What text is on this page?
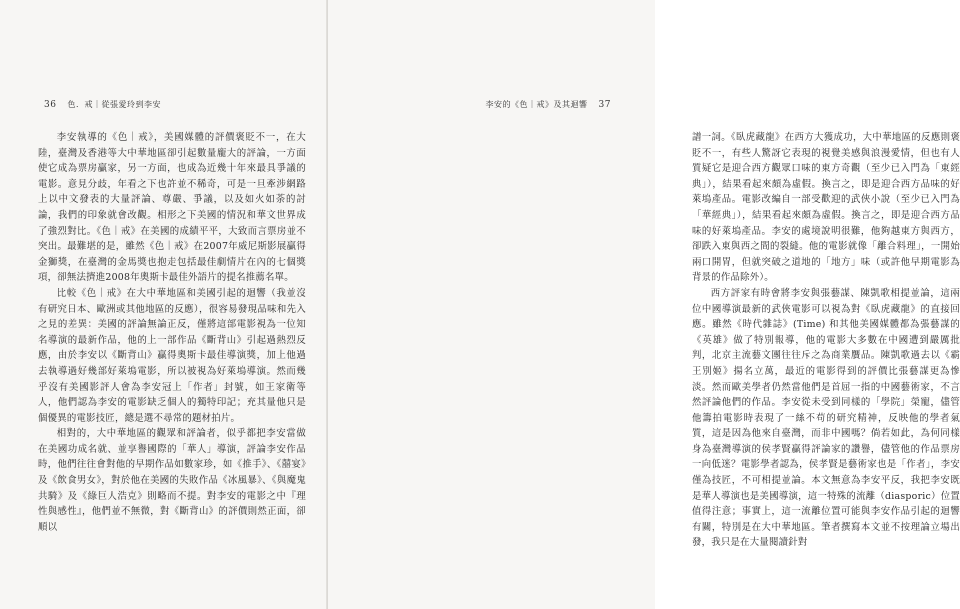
36 色．戒｜從張愛玲到李安

李安執導的《色｜戒》，美國媒體的評價褒貶不一，在大陸，臺灣及香港等大中華地區卻引起數量龐大的評論，一方面使它成為票房贏家，另一方面，也成為近幾十年來最具爭議的電影。意見分歧，年看之下也許並不稀奇，可是一旦牽涉網路上以中文發表的大量評論、尊嚴、爭議，以及如火如荼的討論，我們的印象就會改觀。相形之下美國的情況和華文世界成了強烈對比。《色｜戒》在美國的成績平平，大致而言票房並不突出。最難堪的是，雖然《色｜戒》在2007年威尼斯影展贏得金獅獎，在臺灣的金馬獎也抱走包括最佳劇情片在內的七個獎項，卻無法擠進2008年奧斯卡最佳外語片的提名推薦名單。

比較《色｜戒》在大中華地區和美國引起的迴響（我並沒有研究日本、歐洲或其他地區的反應），很容易發現品味和先入之見的差異：美國的評論無論正反，僅將這部電影視為一位知名導演的最新作品，他的上一部作品《斷背山》引起過熱烈反應，由於李安以《斷背山》贏得奧斯卡最佳導演獎，加上他過去執導過好幾部好萊塢電影，所以被視為好萊塢導演。然而幾乎沒有美國影評人會為李安冠上「作者」封號，如王家衛等人，他們認為李安的電影缺乏個人的獨特印記；充其量他只是個優異的電影技匠，總是選不尋常的題材拍片。

相對的，大中華地區的觀眾和評論者，似乎都把李安當做在美國功成名就、並享譽國際的「華人」導演，評論李安作品時，他們往往會對他的早期作品如數家珍，如《推手》、《囍宴》及《飲食男女》，對於他在美國的失敗作品《冰風暴》、《與魔鬼共騎》及《綠巨人浩克》則略而不提。對李安的電影之中『理性與感性』，他們並不無微，對《斷背山》的評價則然正面，卻順以

李安的《色｜戒》及其迴響 37

譜一詞。《臥虎藏龍》在西方大獲成功，大中華地區的反應則褒貶不一，有些人驚訝它表現的視覺美感與浪漫愛情，但也有人質疑它是迎合西方觀眾口味的東方奇觀（至少已入門為「東經典」），結果看起來頗為虛假。換言之，即是迎合西方品味的好萊塢產品。電影改編自一部受歡迎的武俠小說（至少已入門為「華經典」），結果看起來頗為虛假。換言之，即是迎合西方品味的好萊塢產品。李安的處境說明很難，他夠越東方與西方，卻跌入東與西之間的裂縫。他的電影就像「離合料理」，一開始兩口開胃，但就突破之道地的「地方」味（或許他早期電影為背景的作品除外）。

西方評家有時會將李安與張藝謀、陳凱歌相提並論，這兩位中國導演最新的武俠電影可以視為對《臥虎藏龍》的直接回應。雖然《時代雜誌》(Time) 和其他美國媒體都為張藝謀的《英雄》做了特別報導，他的電影大多數在中國遭到嚴厲批判，北京主流藝文團往往斥之為商業贋品。陳凱歌過去以《霸王別姬》揚名立萬，最近的電影得到的評價比張藝謀更為慘淡。然而歐美學者仍然當他們是首屈一指的中國藝術家，不言然評論他們的作品。李安從未受到同樣的「學院」榮寵，儘管他籌拍電影時表現了一絲不苟的研究精神，反映他的學者氣質，這是因為他來自臺灣，而非中國嗎？倘若如此，為何同樣身為臺灣導演的侯孝賢贏得評論家的讚譽，儘管他的作品票房一向低迷？電影學者認為，侯孝賢是藝術家也是「作者」，李安僅為技匠，不可相提並論。本文無意為李安平反，我把李安既是華人導演也是美國導演，這一特殊的流離（diasporic）位置值得注意；事實上，這一流離位置可能與李安作品引起的迴響有關，特別是在大中華地區。筆者撰寫本文並不按理論立場出發，我只是在大量閱讀針對
